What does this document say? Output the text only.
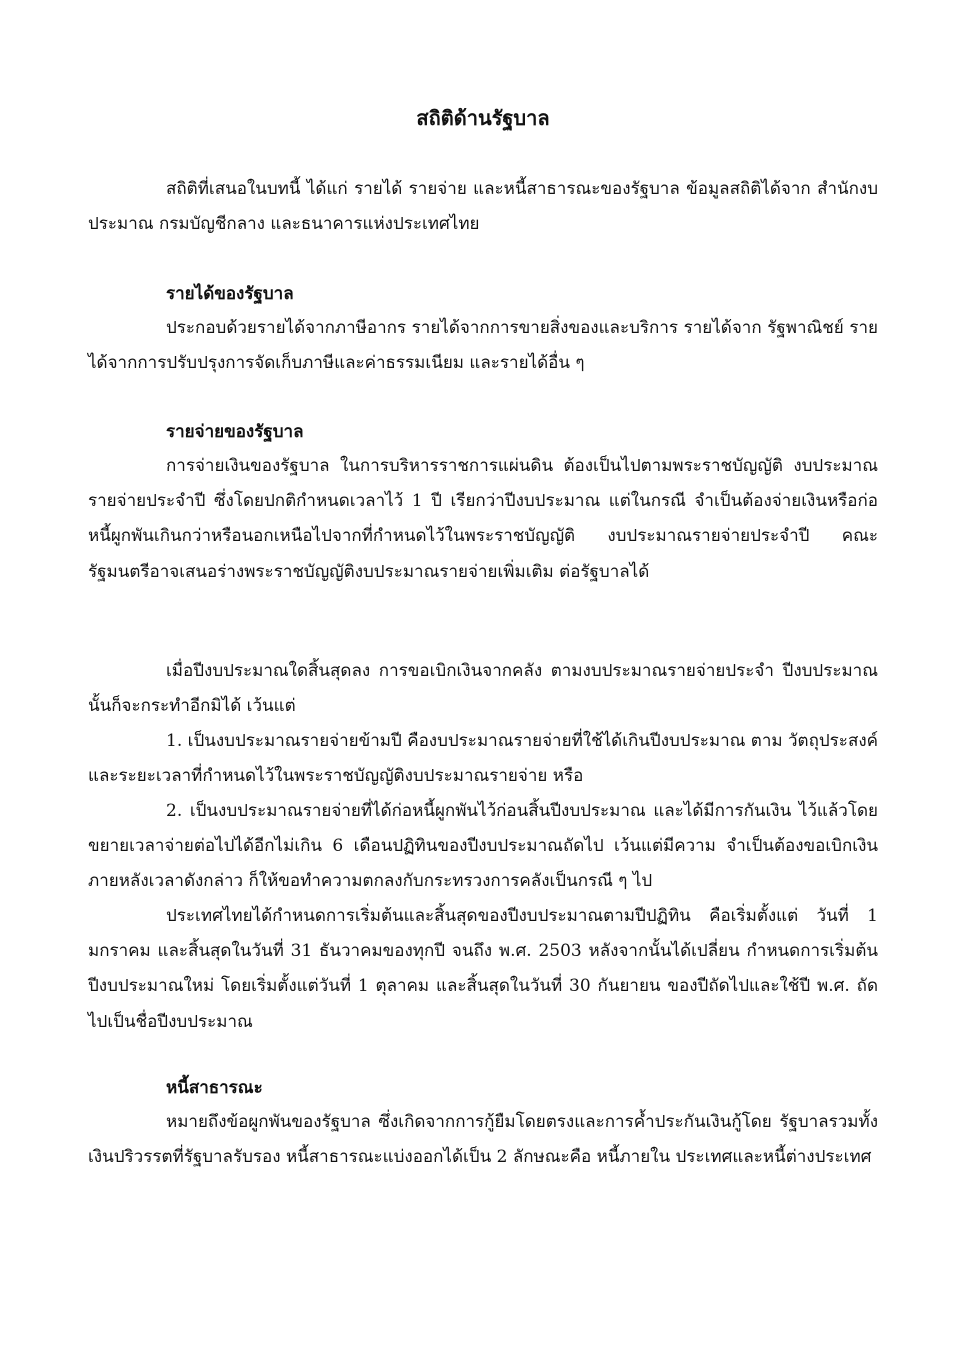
สถิติด้านรัฐบาล

สถิติที่เสนอในบทนี้ ได้แก่ รายได้ รายจ่าย และหนี้สาธารณะของรัฐบาล ข้อมูลสถิติได้จาก สำนักงบประมาณ กรมบัญชีกลาง และธนาคารแห่งประเทศไทย

รายได้ของรัฐบาล

ประกอบด้วยรายได้จากภาษีอากร รายได้จากการขายสิ่งของและบริการ รายได้จาก รัฐพาณิชย์ รายได้จากการปรับปรุงการจัดเก็บภาษีและค่าธรรมเนียม และรายได้อื่น ๆ

รายจ่ายของรัฐบาล

การจ่ายเงินของรัฐบาล ในการบริหารราชการแผ่นดิน ต้องเป็นไปตามพระราชบัญญัติ งบประมาณรายจ่ายประจำปี ซึ่งโดยปกติกำหนดเวลาไว้ 1 ปี เรียกว่าปีงบประมาณ แต่ในกรณี จำเป็นต้องจ่ายเงินหรือก่อหนี้ผูกพันเกินกว่าหรือนอกเหนือไปจากที่กำหนดไว้ในพระราชบัญญัติ งบประมาณรายจ่ายประจำปี คณะรัฐมนตรีอาจเสนอร่างพระราชบัญญัติงบประมาณรายจ่ายเพิ่มเติม ต่อรัฐบาลได้

เมื่อปีงบประมาณใดสิ้นสุดลง การขอเบิกเงินจากคลัง ตามงบประมาณรายจ่ายประจำ ปีงบประมาณนั้นก็จะกระทำอีกมิได้ เว้นแต่

1. เป็นงบประมาณรายจ่ายข้ามปี คืองบประมาณรายจ่ายที่ใช้ได้เกินปีงบประมาณ ตาม วัตถุประสงค์ และระยะเวลาที่กำหนดไว้ในพระราชบัญญัติงบประมาณรายจ่าย หรือ

2. เป็นงบประมาณรายจ่ายที่ได้ก่อหนี้ผูกพันไว้ก่อนสิ้นปีงบประมาณ และได้มีการกันเงิน ไว้แล้วโดยขยายเวลาจ่ายต่อไปได้อีกไม่เกิน 6 เดือนปฏิทินของปีงบประมาณถัดไป เว้นแต่มีความ จำเป็นต้องขอเบิกเงินภายหลังเวลาดังกล่าว ก็ให้ขอทำความตกลงกับกระทรวงการคลังเป็นกรณี ๆ ไป

ประเทศไทยได้กำหนดการเริ่มต้นและสิ้นสุดของปีงบประมาณตามปีปฏิทิน คือเริ่มตั้งแต่ วันที่ 1 มกราคม และสิ้นสุดในวันที่ 31 ธันวาคมของทุกปี จนถึง พ.ศ. 2503 หลังจากนั้นได้เปลี่ยน กำหนดการเริ่มต้นปีงบประมาณใหม่ โดยเริ่มตั้งแต่วันที่ 1 ตุลาคม และสิ้นสุดในวันที่ 30 กันยายน ของปีถัดไปและใช้ปี พ.ศ. ถัดไปเป็นชื่อปีงบประมาณ

หนี้สาธารณะ

หมายถึงข้อผูกพันของรัฐบาล ซึ่งเกิดจากการกู้ยืมโดยตรงและการค้ำประกันเงินกู้โดย รัฐบาลรวมทั้งเงินปริวรรตที่รัฐบาลรับรอง หนี้สาธารณะแบ่งออกได้เป็น 2 ลักษณะคือ หนี้ภายใน ประเทศและหนี้ต่างประเทศ
